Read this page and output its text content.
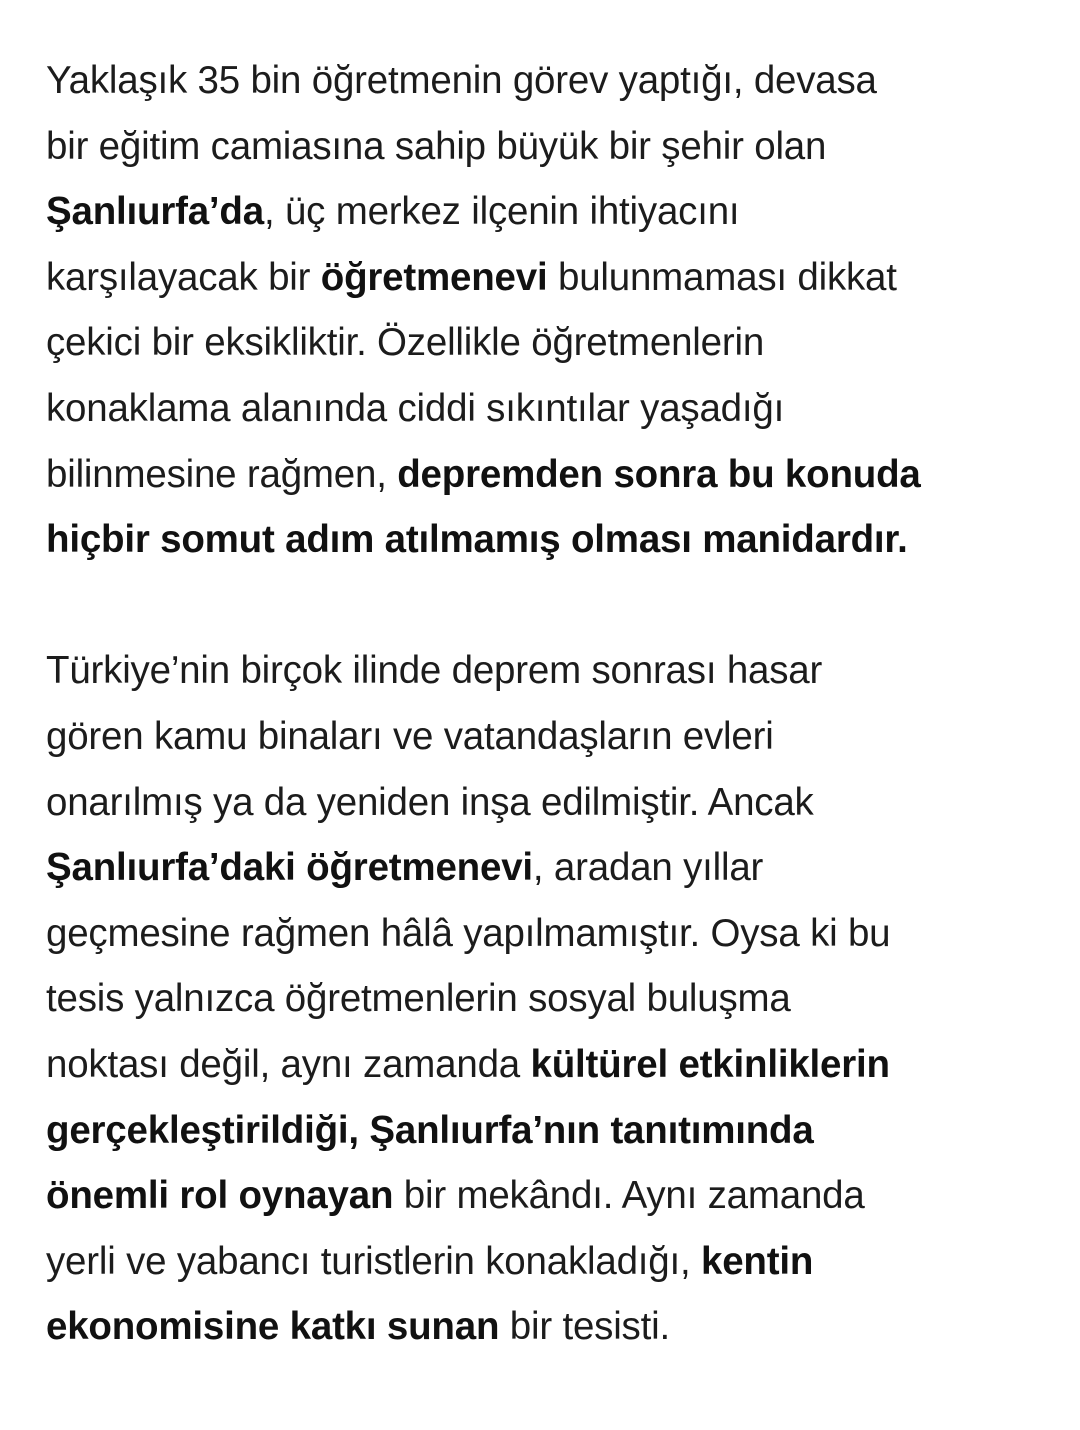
Yaklaşık 35 bin öğretmenin görev yaptığı, devasa
bir eğitim camiasına sahip büyük bir şehir olan
Şanlıurfa’da, üç merkez ilçenin ihtiyacını
karşılayacak bir öğretmenevi bulunmaması dikkat
çekici bir eksikliktir. Özellikle öğretmenlerin
konaklama alanında ciddi sıkıntılar yaşadığı
bilinmesine rağmen, depremden sonra bu konuda
hiçbir somut adım atılmamış olması manidardır.
Türkiye’nin birçok ilinde deprem sonrası hasar
gören kamu binaları ve vatandaşların evleri
onarılmış ya da yeniden inşa edilmiştir. Ancak
Şanlıurfa’daki öğretmenevi, aradan yıllar
geçmesine rağmen hâlâ yapılmamıştır. Oysa ki bu
tesis yalnızca öğretmenlerin sosyal buluşma
noktası değil, aynı zamanda kültürel etkinliklerin
gerçekleştirildiği, Şanlıurfa’nın tanıtımında
önemli rol oynayan bir mekândı. Aynı zamanda
yerli ve yabancı turistlerin konakladığı, kentin
ekonomisine katkı sunan bir tesisti.
